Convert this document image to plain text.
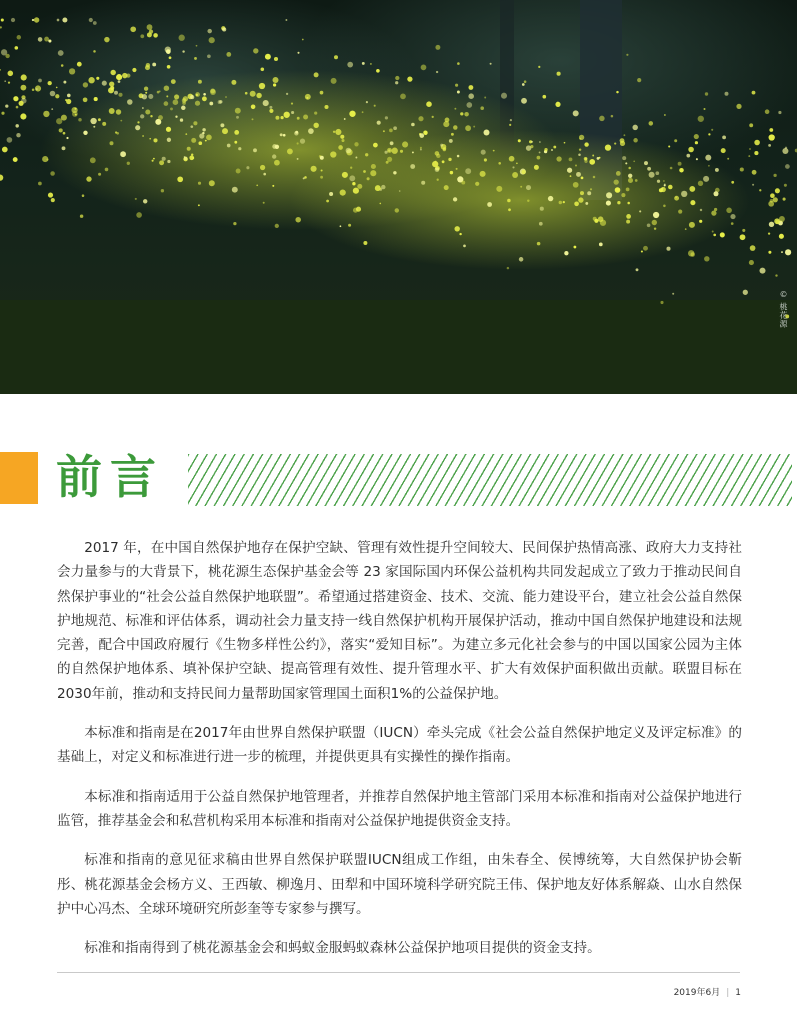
© 桃花源
前言

2017 年，在中国自然保护地存在保护空缺、管理有效性提升空间较大、民间保护热情高涨、政府大力支持社会力量参与的大背景下，桃花源生态保护基金会等 23 家国际国内环保公益机构共同发起成立了致力于推动民间自然保护事业的“社会公益自然保护地联盟”。希望通过搭建资金、技术、交流、能力建设平台，建立社会公益自然保护地规范、标准和评估体系，调动社会力量支持一线自然保护机构开展保护活动，推动中国自然保护地建设和法规完善，配合中国政府履行《生物多样性公约》，落实“爱知目标”。为建立多元化社会参与的中国以国家公园为主体的自然保护地体系、填补保护空缺、提高管理有效性、提升管理水平、扩大有效保护面积做出贡献。联盟目标在2030年前，推动和支持民间力量帮助国家管理国土面积1%的公益保护地。

本标准和指南是在2017年由世界自然保护联盟（IUCN）牵头完成《社会公益自然保护地定义及评定标准》的基础上，对定义和标准进行进一步的梳理，并提供更具有实操性的操作指南。

本标准和指南适用于公益自然保护地管理者，并推荐自然保护地主管部门采用本标准和指南对公益保护地进行监管，推荐基金会和私营机构采用本标准和指南对公益保护地提供资金支持。

标准和指南的意见征求稿由世界自然保护联盟IUCN组成工作组，由朱春全、侯博统筹，大自然保护协会靳彤、桃花源基金会杨方义、王西敏、柳逸月、田犁和中国环境科学研究院王伟、保护地友好体系解焱、山水自然保护中心冯杰、全球环境研究所彭奎等专家参与撰写。

标准和指南得到了桃花源基金会和蚂蚁金服蚂蚁森林公益保护地项目提供的资金支持。

2019年6月 | 1
